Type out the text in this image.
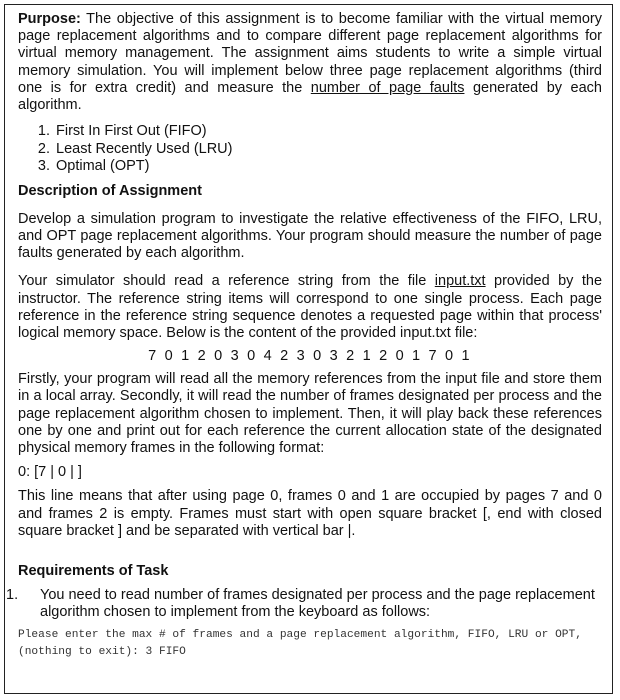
Purpose: The objective of this assignment is to become familiar with the virtual memory page replacement algorithms and to compare different page replacement algorithms for virtual memory management. The assignment aims students to write a simple virtual memory simulation. You will implement below three page replacement algorithms (third one is for extra credit) and measure the number of page faults generated by each algorithm.

1. First In First Out (FIFO)
2. Least Recently Used (LRU)
3. Optimal (OPT)
Description of Assignment

Develop a simulation program to investigate the relative effectiveness of the FIFO, LRU, and OPT page replacement algorithms. Your program should measure the number of page faults generated by each algorithm.

Your simulator should read a reference string from the file input.txt provided by the instructor. The reference string items will correspond to one single process. Each page reference in the reference string sequence denotes a requested page within that process' logical memory space. Below is the content of the provided input.txt file:

7 0 1 2 0 3 0 4 2 3 0 3 2 1 2 0 1 7 0 1

Firstly, your program will read all the memory references from the input file and store them in a local array. Secondly, it will read the number of frames designated per process and the page replacement algorithm chosen to implement. Then, it will play back these references one by one and print out for each reference the current allocation state of the designated physical memory frames in the following format:

0: [7 | 0 | ]

This line means that after using page 0, frames 0 and 1 are occupied by pages 7 and 0 and frames 2 is empty. Frames must start with open square bracket [, end with closed square bracket ] and be separated with vertical bar |.

Requirements of Task
1. You need to read number of frames designated per process and the page replacement algorithm chosen to implement from the keyboard as follows:
Please enter the max # of frames and a page replacement algorithm, FIFO, LRU or OPT, (nothing to exit): 3 FIFO
